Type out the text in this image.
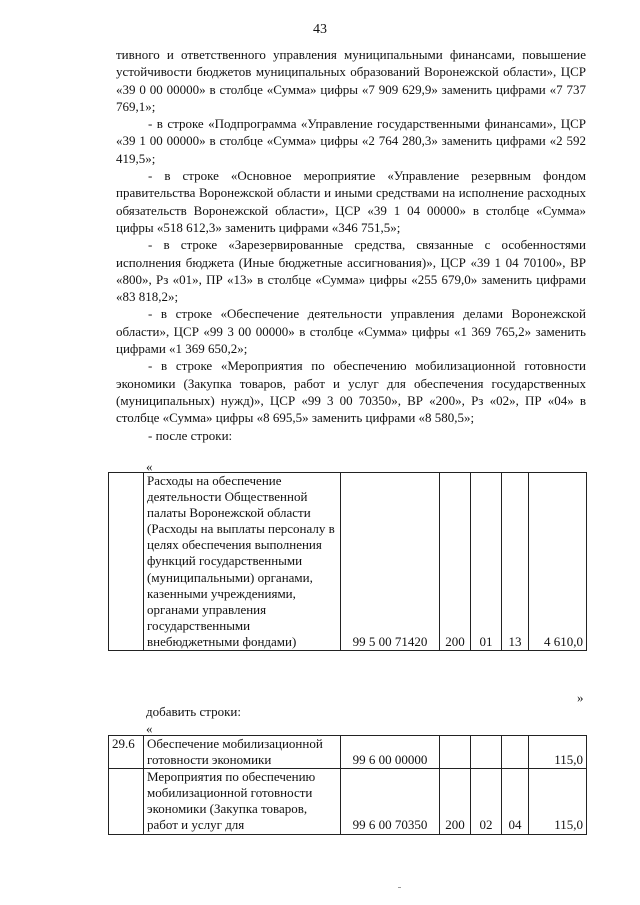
43

тивного и ответственного управления муниципальными финансами, повышение устойчивости бюджетов муниципальных образований Воронежской области», ЦСР «39 0 00 00000» в столбце «Сумма» цифры «7 909 629,9» заменить цифрами «7 737 769,1»;

- в строке «Подпрограмма «Управление государственными финансами», ЦСР «39 1 00 00000» в столбце «Сумма» цифры «2 764 280,3» заменить цифрами «2 592 419,5»;

- в строке «Основное мероприятие «Управление резервным фондом правительства Воронежской области и иными средствами на исполнение расходных обязательств Воронежской области», ЦСР «39 1 04 00000» в столбце «Сумма» цифры «518 612,3» заменить цифрами «346 751,5»;

- в строке «Зарезервированные средства, связанные с особенностями исполнения бюджета (Иные бюджетные ассигнования)», ЦСР «39 1 04 70100», ВР «800», Рз «01», ПР «13» в столбце «Сумма» цифры «255 679,0» заменить цифрами «83 818,2»;

- в строке «Обеспечение деятельности управления делами Воронежской области», ЦСР «99 3 00 00000» в столбце «Сумма» цифры «1 369 765,2» заменить цифрами «1 369 650,2»;

- в строке «Мероприятия по обеспечению мобилизационной готовности экономики (Закупка товаров, работ и услуг для обеспечения государственных (муниципальных) нужд)», ЦСР «99 3 00 70350», ВР «200», Рз «02», ПР «04» в столбце «Сумма» цифры «8 695,5» заменить цифрами «8 580,5»;

- после строки:

«
	Расходы на обеспечение деятельности Общественной палаты Воронежской области (Расходы на выплаты персоналу в целях обеспечения выполнения функций государственными (муниципальными) органами, казенными учреждениями, органами управления государственными внебюджетными фондами)	99 5 00 71420	200	01	13	4 610,0
»
добавить строки:
«
29.6	Обеспечение мобилизационной готовности экономики	99 6 00 00000				115,0
	Мероприятия по обеспечению мобилизационной готовности экономики (Закупка товаров, работ и услуг для	99 6 00 70350	200	02	04	115,0
